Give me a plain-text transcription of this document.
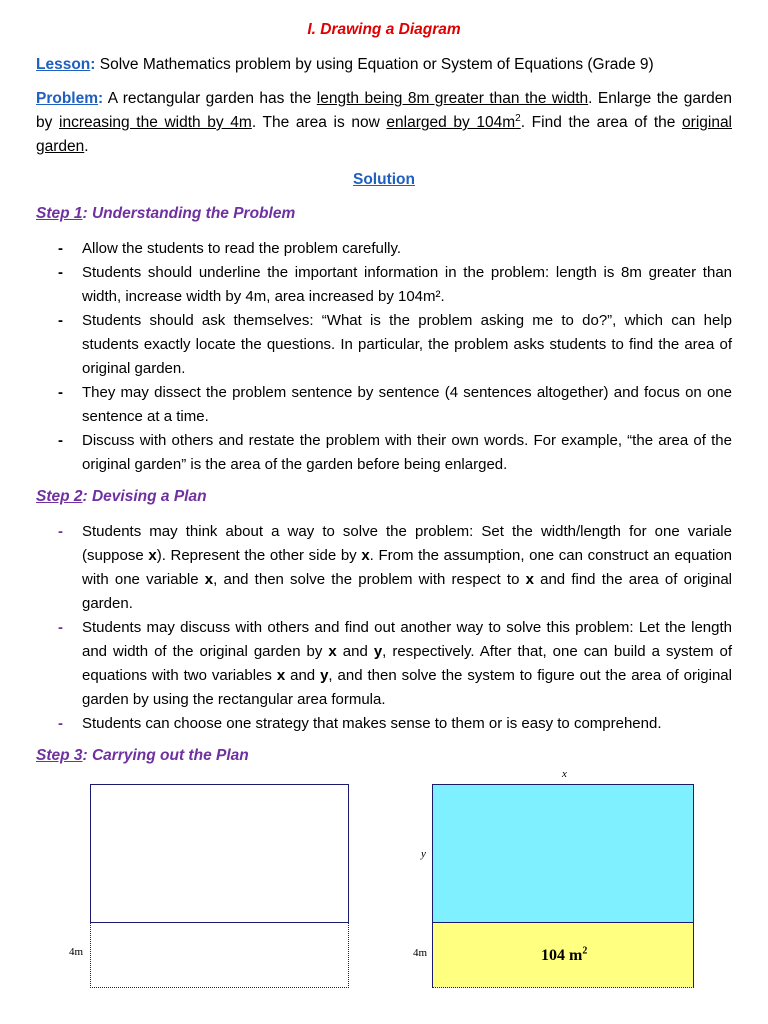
I. Drawing a Diagram
Lesson: Solve Mathematics problem by using Equation or System of Equations (Grade 9)
Problem: A rectangular garden has the length being 8m greater than the width. Enlarge the garden by increasing the width by 4m. The area is now enlarged by $104m^2$. Find the area of the original garden.
Solution
Step 1: Understanding the Problem
- Allow the students to read the problem carefully.
- Students should underline the important information in the problem: length is 8m greater than width, increase width by 4m, area increased by 104m².
- Students should ask themselves: “What is the problem asking me to do?”, which can help students exactly locate the questions. In particular, the problem asks students to find the area of original garden.
- They may dissect the problem sentence by sentence (4 sentences altogether) and focus on one sentence at a time.
- Discuss with others and restate the problem with their own words. For example, “the area of the original garden” is the area of the garden before being enlarged.
Step 2: Devising a Plan
- Students may think about a way to solve the problem: Set the width/length for one variale (suppose x). Represent the other side by x. From the assumption, one can construct an equation with one variable x, and then solve the problem with respect to x and find the area of original garden.
- Students may discuss with others and find out another way to solve this problem: Let the length and width of the original garden by x and y, respectively. After that, one can build a system of equations with two variables x and y, and then solve the system to figure out the area of original garden by using the rectangular area formula.
- Students can choose one strategy that makes sense to them or is easy to comprehend.
Step 3: Carrying out the Plan
4m
x
y
4m	104 $m^2$
